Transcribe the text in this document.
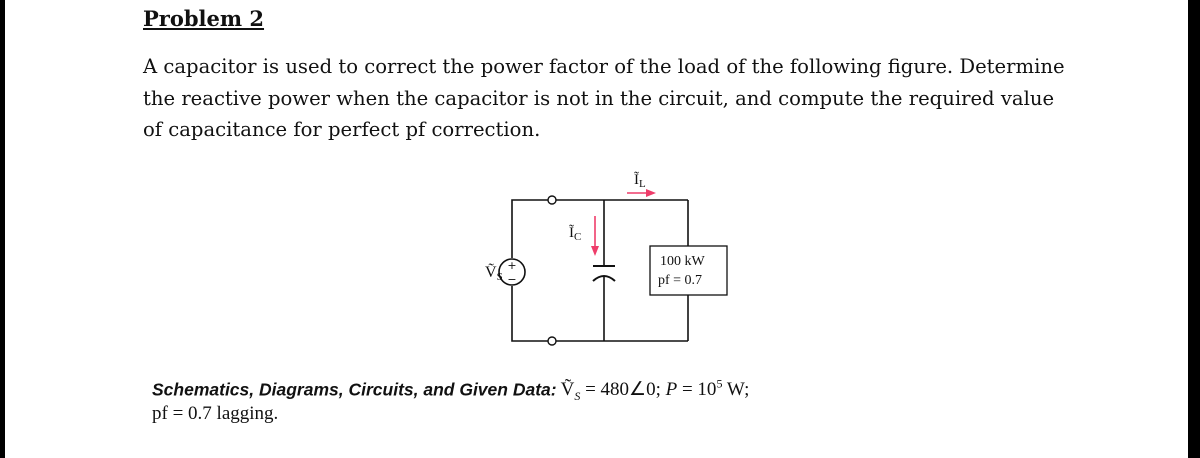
Problem 2
A capacitor is used to correct the power factor of the load of the following figure. Determine the reactive power when the capacitor is not in the circuit, and compute the required value of capacitance for perfect pf correction.
+
−
ṼS
$Ĩ_C$
$Ĩ_L$
100 kW
pf = 0.7
Schematics, Diagrams, Circuits, and Given Data: Ṽ$_S$ = 480∠0; $P = 10^5$ W;
pf = 0.7 lagging.
